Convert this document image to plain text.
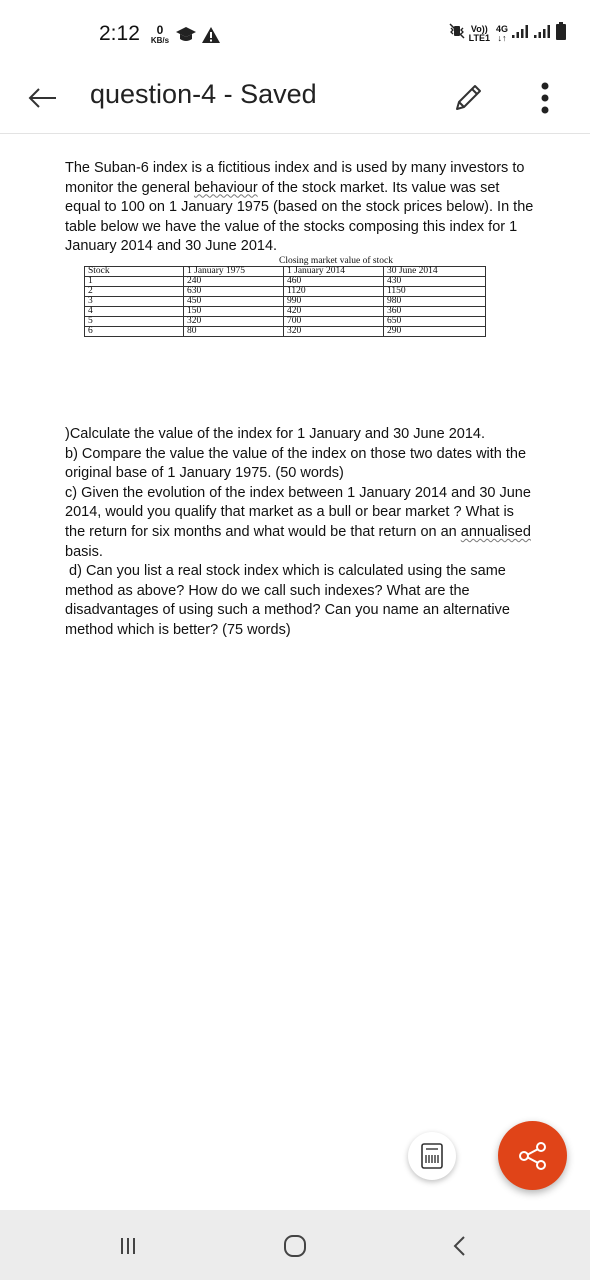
2:12	0
KB/s
Vo))
LTE1
4G
↓↑
question-4 - Saved
The Suban-6 index is a fictitious index and is used by many investors to monitor the general behaviour of the stock market. Its value was set equal to 100 on 1 January 1975 (based on the stock prices below). In the table below we have the value of the stocks composing this index for 1 January 2014 and 30 June 2014.
Closing market value of stock
Stock	1 January 1975	1 January 2014	30 June 2014
1	240	460	430
2	630	1120	1150
3	450	990	980
4	150	420	360
5	320	700	650
6	80	320	290

)Calculate the value of the index for 1 January and 30 June 2014.

b) Compare the value the value of the index on those two dates with the original base of 1 January 1975. (50 words)

c) Given the evolution of the index between 1 January 2014 and 30 June 2014, would you qualify that market as a bull or bear market ? What is the return for six months and what would be that return on an annualised basis.

d) Can you list a real stock index which is calculated using the same method as above? How do we call such indexes? What are the disadvantages of using such a method? Can you name an alternative method which is better? (75 words)
